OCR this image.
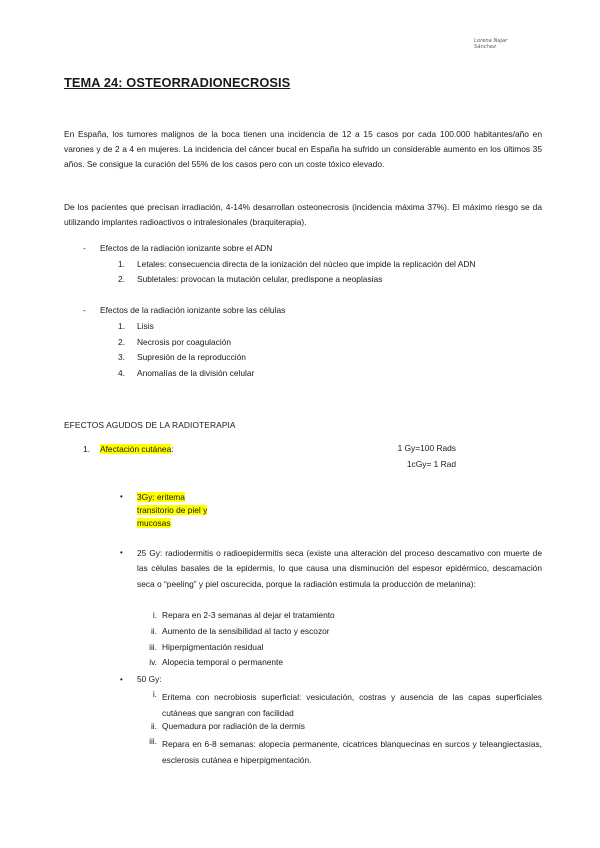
Lorena Najar
Sánchez
TEMA 24: OSTEORRADIONECROSIS

En España, los tumores malignos de la boca tienen una incidencia de 12 a 15 casos por cada 100.000 habitantes/año en varones y de 2 a 4 en mujeres. La incidencia del cáncer bucal en España ha sufrido un considerable aumento en los últimos 35 años. Se consigue la curación del 55% de los casos pero con un coste tóxico elevado.

De los pacientes que precisan irradiación, 4-14% desarrollan osteonecrosis (incidencia máxima 37%). El máximo riesgo se da utilizando implantes radioactivos o intralesionales (braquiterapia).

- Efectos de la radiación ionizante sobre el ADN
1. Letales: consecuencia directa de la ionización del núcleo que impide la replicación del ADN
2. Subletales: provocan la mutación celular, predispone a neoplasias
- Efectos de la radiación ionizante sobre las células
1. Lisis
2. Necrosis por coagulación
3. Supresión de la reproducción
4. Anomalías de la división celular
EFECTOS AGUDOS DE LA RADIOTERAPIA
1. Afectación cutánea:	1 Gy=100 Rads
1cGy= 1 Rad
• 3Gy: eritema
transitorio de piel y
mucosas
• 25 Gy: radiodermitis o radioepidermitis seca (existe una alteración del proceso descamativo con muerte de las células basales de la epidermis, lo que causa una disminución del espesor epidérmico, descamación seca o “peeling” y piel oscurecida, porque la radiación estimula la producción de melanina):

i. Repara en 2-3 semanas al dejar el tratamiento
ii. Aumento de la sensibilidad al tacto y escozor
iii. Hiperpigmentación residual
iv. Alopecia temporal o permanente
• 50 Gy:
i. Eritema con necrobiosis superficial: vesiculación, costras y ausencia de las capas superficiales cutáneas que sangran con facilidad
ii. Quemadura por radiación de la dermis
iii. Repara en 6-8 semanas: alopecia permanente, cicatrices blanquecinas en surcos y teleangiectasias, esclerosis cutánea e hiperpigmentación.
